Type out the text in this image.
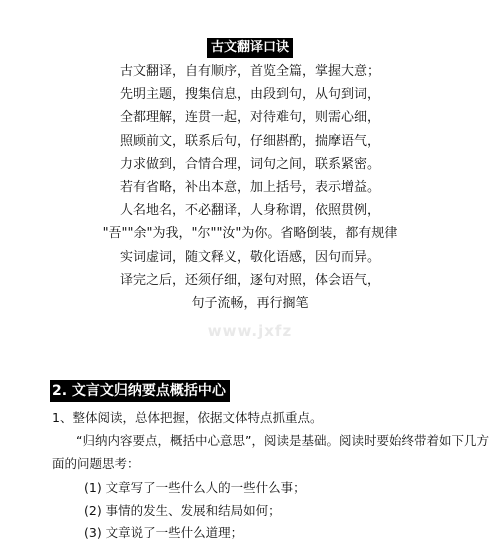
古文翻译口诀

古文翻译，自有顺序，首览全篇，掌握大意；

先明主题，搜集信息，由段到句，从句到词，

全都理解，连贯一起，对待难句，则需心细，

照顾前文，联系后句，仔细斟酌，揣摩语气，

力求做到，合情合理，词句之间，联系紧密。

若有省略，补出本意，加上括号，表示增益。

人名地名，不必翻译，人身称谓，依照贯例，

"吾""余"为我，"尔""汝"为你。省略倒装，都有规律

实词虚词，随文释义，敬化语感，因句而异。

译完之后，还须仔细，逐句对照，体会语气，

句子流畅，再行搁笔

www.jxfz
2. 文言文归纳要点概括中心

1、整体阅读，总体把握，依据文体特点抓重点。

“归纳内容要点，概括中心意思”，阅读是基础。阅读时要始终带着如下几方

面的问题思考：

(1) 文章写了一些什么人的一些什么事；

(2) 事情的发生、发展和结局如何；

(3) 文章说了一些什么道理；
